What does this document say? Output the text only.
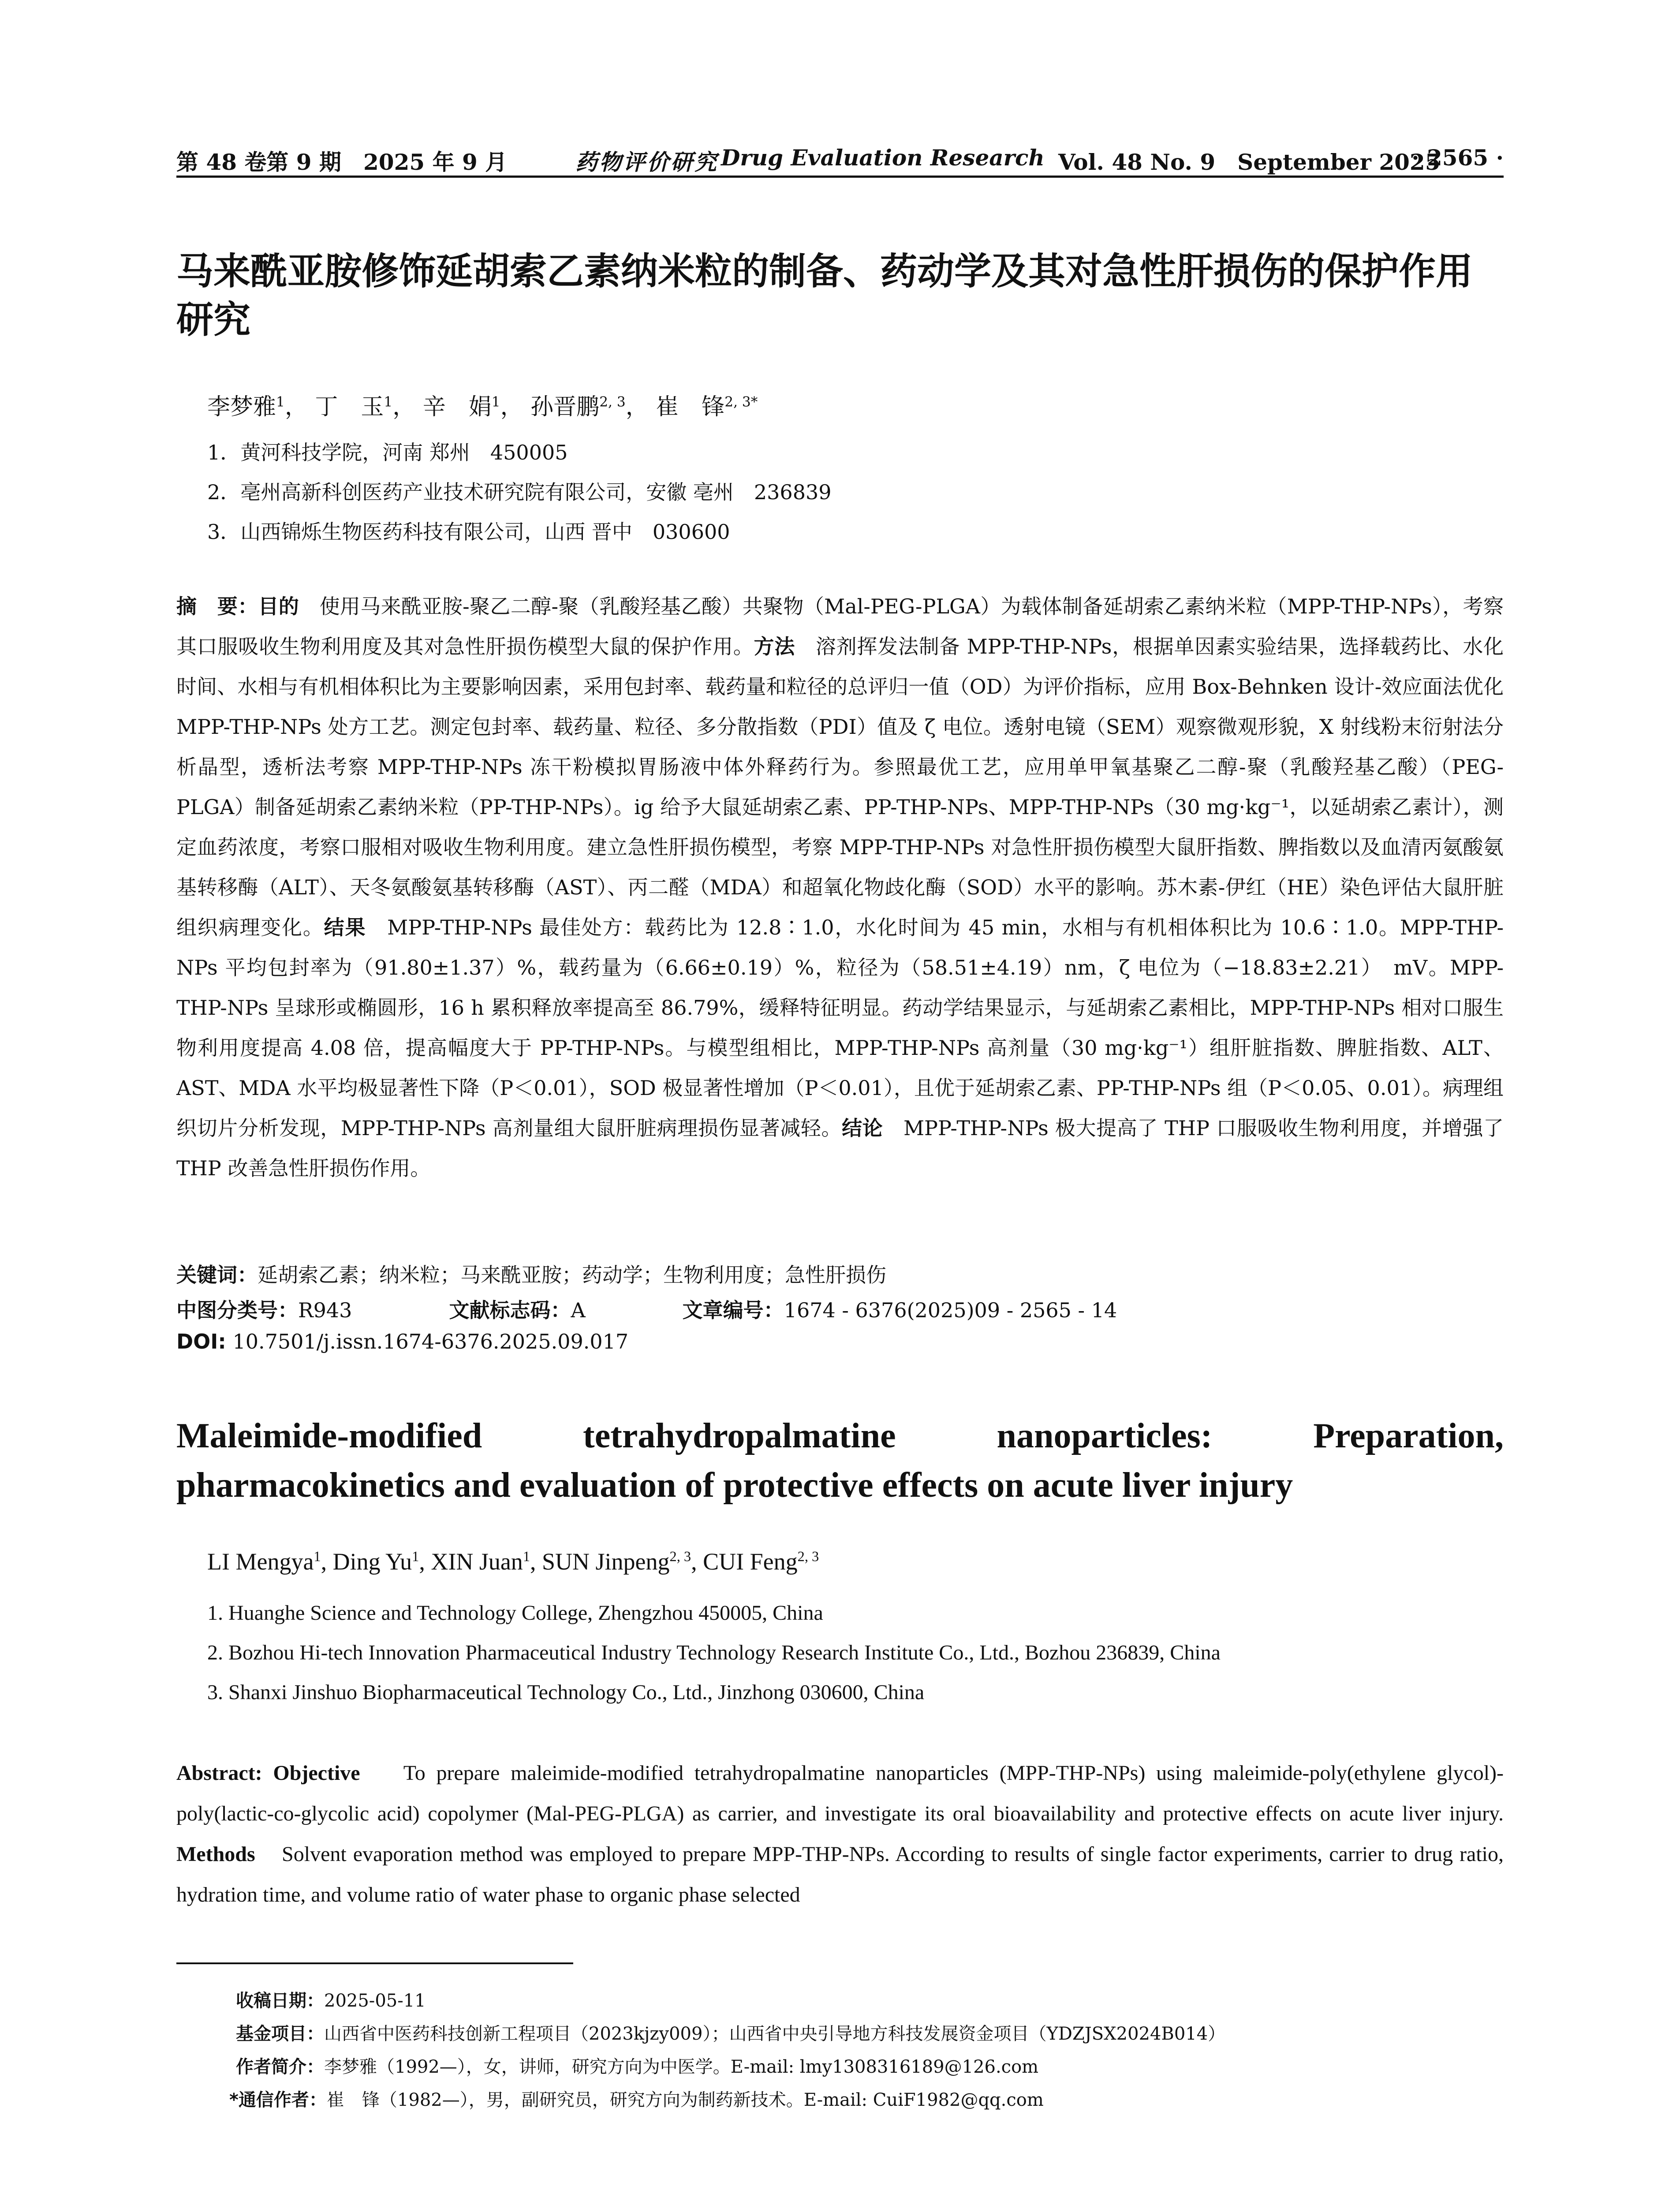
第 48 卷第 9 期　2025 年 9 月	药物评价研究 Drug Evaluation Research Vol. 48 No. 9　September 2025
· 2565 ·
马来酰亚胺修饰延胡索乙素纳米粒的制备、药动学及其对急性肝损伤的保护作用研究
李梦雅$^1$， 丁　玉$^1$， 辛　娟$^1$， 孙晋鹏$^{2, 3}$， 崔　锋$^{2, 3*}$

1．黄河科技学院，河南 郑州　450005

2．亳州高新科创医药产业技术研究院有限公司，安徽 亳州　236839

3．山西锦烁生物医药科技有限公司，山西 晋中　030600

摘　要：目的　 使用马来酰亚胺-聚乙二醇-聚（乳酸羟基乙酸）共聚物（Mal-PEG-PLGA）为载体制备延胡索乙素纳米粒（MPP-THP-NPs），考察其口服吸收生物利用度及其对急性肝损伤模型大鼠的保护作用。方法　 溶剂挥发法制备 MPP-THP-NPs，根据单因素实验结果，选择载药比、水化时间、水相与有机相体积比为主要影响因素，采用包封率、载药量和粒径的总评归一值（OD）为评价指标，应用 Box-Behnken 设计-效应面法优化 MPP-THP-NPs 处方工艺。测定包封率、载药量、粒径、多分散指数（PDI）值及 ζ 电位。透射电镜（SEM）观察微观形貌，X 射线粉末衍射法分析晶型，透析法考察 MPP-THP-NPs 冻干粉模拟胃肠液中体外释药行为。参照最优工艺，应用单甲氧基聚乙二醇-聚（乳酸羟基乙酸）（PEG-PLGA）制备延胡索乙素纳米粒（PP-THP-NPs）。ig 给予大鼠延胡索乙素、PP-THP-NPs、MPP-THP-NPs（30 mg·kg⁻¹，以延胡索乙素计），测定血药浓度，考察口服相对吸收生物利用度。建立急性肝损伤模型，考察 MPP-THP-NPs 对急性肝损伤模型大鼠肝指数、脾指数以及血清丙氨酸氨基转移酶（ALT）、天冬氨酸氨基转移酶（AST）、丙二醛（MDA）和超氧化物歧化酶（SOD）水平的影响。苏木素-伊红（HE）染色评估大鼠肝脏组织病理变化。结果　 MPP-THP-NPs 最佳处方：载药比为 12.8∶1.0，水化时间为 45 min，水相与有机相体积比为 10.6∶1.0。MPP-THP-NPs 平均包封率为（91.80±1.37）%，载药量为（6.66±0.19）%，粒径为（58.51±4.19）nm，ζ 电位为（−18.83±2.21）　mV。MPP-THP-NPs 呈球形或椭圆形，16 h 累积释放率提高至 86.79%，缓释特征明显。药动学结果显示，与延胡索乙素相比，MPP-THP-NPs 相对口服生物利用度提高 4.08 倍，提高幅度大于 PP-THP-NPs。与模型组相比，MPP-THP-NPs 高剂量（30 mg·kg⁻¹）组肝脏指数、脾脏指数、ALT、AST、MDA 水平均极显著性下降（P＜0.01），SOD 极显著性增加（P＜0.01），且优于延胡索乙素、PP-THP-NPs 组（P＜0.05、0.01）。病理组织切片分析发现，MPP-THP-NPs 高剂量组大鼠肝脏病理损伤显著减轻。结论　 MPP-THP-NPs 极大提高了 THP 口服吸收生物利用度，并增强了 THP 改善急性肝损伤作用。

关键词：延胡索乙素；纳米粒；马来酰亚胺；药动学；生物利用度；急性肝损伤

中图分类号：R943	文献标志码：A	文章编号：1674 - 6376(2025)09 - 2565 - 14

DOI: 10.7501/j.issn.1674-6376.2025.09.017

Maleimide-modified tetrahydropalmatine nanoparticles: Preparation, pharmacokinetics and evaluation of protective effects on acute liver injury

LI Mengya$^1$, Ding Yu$^1$, XIN Juan$^1$, SUN Jinpeng$^{2, 3}$, CUI Feng$^{2, 3}$

1. Huanghe Science and Technology College, Zhengzhou 450005, China

2. Bozhou Hi-tech Innovation Pharmaceutical Industry Technology Research Institute Co., Ltd., Bozhou 236839, China

3. Shanxi Jinshuo Biopharmaceutical Technology Co., Ltd., Jinzhong 030600, China

Abstract: Objective To prepare maleimide-modified tetrahydropalmatine nanoparticles (MPP-THP-NPs) using maleimide-poly(ethylene glycol)-poly(lactic-co-glycolic acid) copolymer (Mal-PEG-PLGA) as carrier, and investigate its oral bioavailability and protective effects on acute liver injury. Methods Solvent evaporation method was employed to prepare MPP-THP-NPs. According to results of single factor experiments, carrier to drug ratio, hydration time, and volume ratio of water phase to organic phase selected

收稿日期：2025-05-11

基金项目：山西省中医药科技创新工程项目（2023kjzy009）；山西省中央引导地方科技发展资金项目（YDZJSX2024B014）

作者简介：李梦雅（1992—），女，讲师，研究方向为中医学。E-mail: lmy1308316189@126.com

*通信作者：崔　锋（1982—），男，副研究员，研究方向为制药新技术。E-mail: CuiF1982@qq.com
